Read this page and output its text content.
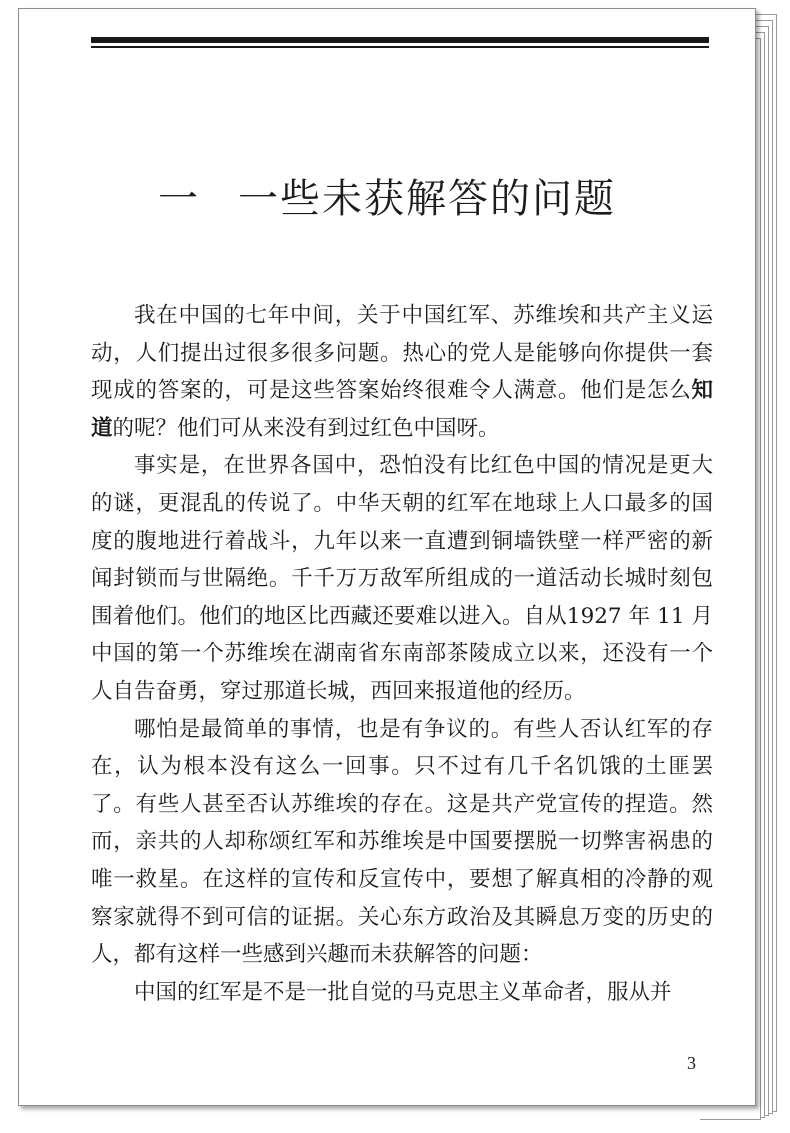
一 一些未获解答的问题

我在中国的七年中间，关于中国红军、苏维埃和共产主义运动，人们提出过很多很多问题。热心的党人是能够向你提供一套现成的答案的，可是这些答案始终很难令人满意。他们是怎么知道的呢？他们可从来没有到过红色中国呀。

事实是，在世界各国中，恐怕没有比红色中国的情况是更大的谜，更混乱的传说了。中华天朝的红军在地球上人口最多的国度的腹地进行着战斗，九年以来一直遭到铜墙铁壁一样严密的新闻封锁而与世隔绝。千千万万敌军所组成的一道活动长城时刻包围着他们。他们的地区比西藏还要难以进入。自从1927 年 11 月中国的第一个苏维埃在湖南省东南部茶陵成立以来，还没有一个人自告奋勇，穿过那道长城，西回来报道他的经历。

哪怕是最简单的事情，也是有争议的。有些人否认红军的存在，认为根本没有这么一回事。只不过有几千名饥饿的土匪罢了。有些人甚至否认苏维埃的存在。这是共产党宣传的捏造。然而，亲共的人却称颂红军和苏维埃是中国要摆脱一切弊害祸患的唯一救星。在这样的宣传和反宣传中，要想了解真相的冷静的观察家就得不到可信的证据。关心东方政治及其瞬息万变的历史的人，都有这样一些感到兴趣而未获解答的问题：

中国的红军是不是一批自觉的马克思主义革命者，服从并

3
